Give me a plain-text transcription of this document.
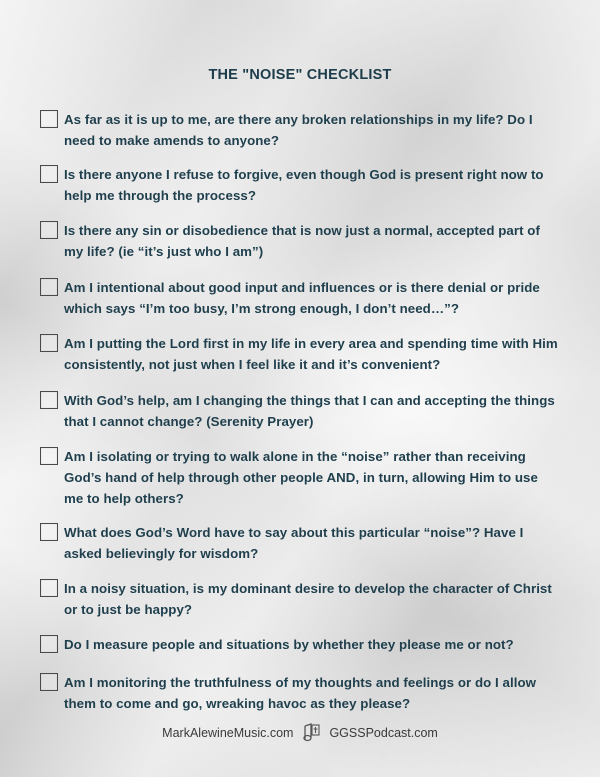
THE "NOISE" CHECKLIST
As far as it is up to me, are there any broken relationships in my life? Do I need to make amends to anyone?
Is there anyone I refuse to forgive, even though God is present right now to help me through the process?
Is there any sin or disobedience that is now just a normal, accepted part of my life? (ie “it’s just who I am”)
Am I intentional about good input and influences or is there denial or pride which says “I’m too busy, I’m strong enough, I don’t need…”?
Am I putting the Lord first in my life in every area and spending time with Him consistently, not just when I feel like it and it’s convenient?
With God’s help, am I changing the things that I can and accepting the things that I cannot change? (Serenity Prayer)
Am I isolating or trying to walk alone in the “noise” rather than receiving God’s hand of help through other people AND, in turn, allowing Him to use me to help others?
What does God’s Word have to say about this particular “noise”? Have I asked believingly for wisdom?
In a noisy situation, is my dominant desire to develop the character of Christ or to just be happy?
Do I measure people and situations by whether they please me or not?
Am I monitoring the truthfulness of my thoughts and feelings or do I allow them to come and go, wreaking havoc as they please?
MarkAlewineMusic.com	GGSSPodcast.com
